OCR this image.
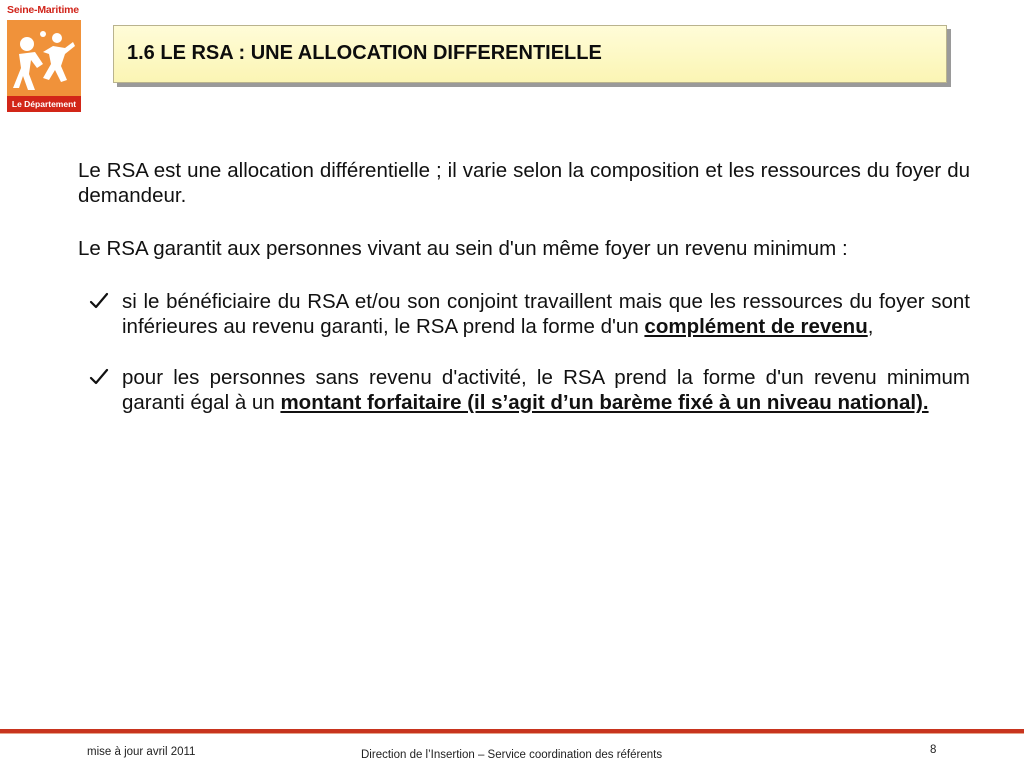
Seine-Maritime
Le Département
1.6 LE RSA : UNE ALLOCATION DIFFERENTIELLE

Le RSA est une allocation différentielle ; il varie selon la composition et les ressources du foyer du demandeur.

Le RSA garantit aux personnes vivant au sein d'un même foyer un revenu minimum :

si le bénéficiaire du RSA et/ou son conjoint travaillent mais que les ressources du foyer sont inférieures au revenu garanti, le RSA prend la forme d'un complément de revenu,
pour les personnes sans revenu d'activité, le RSA prend la forme d'un revenu minimum garanti égal à un montant forfaitaire (il s’agit d’un barème fixé à un niveau national).
mise à jour avril 2011	Direction de l’Insertion – Service coordination des référents	8
